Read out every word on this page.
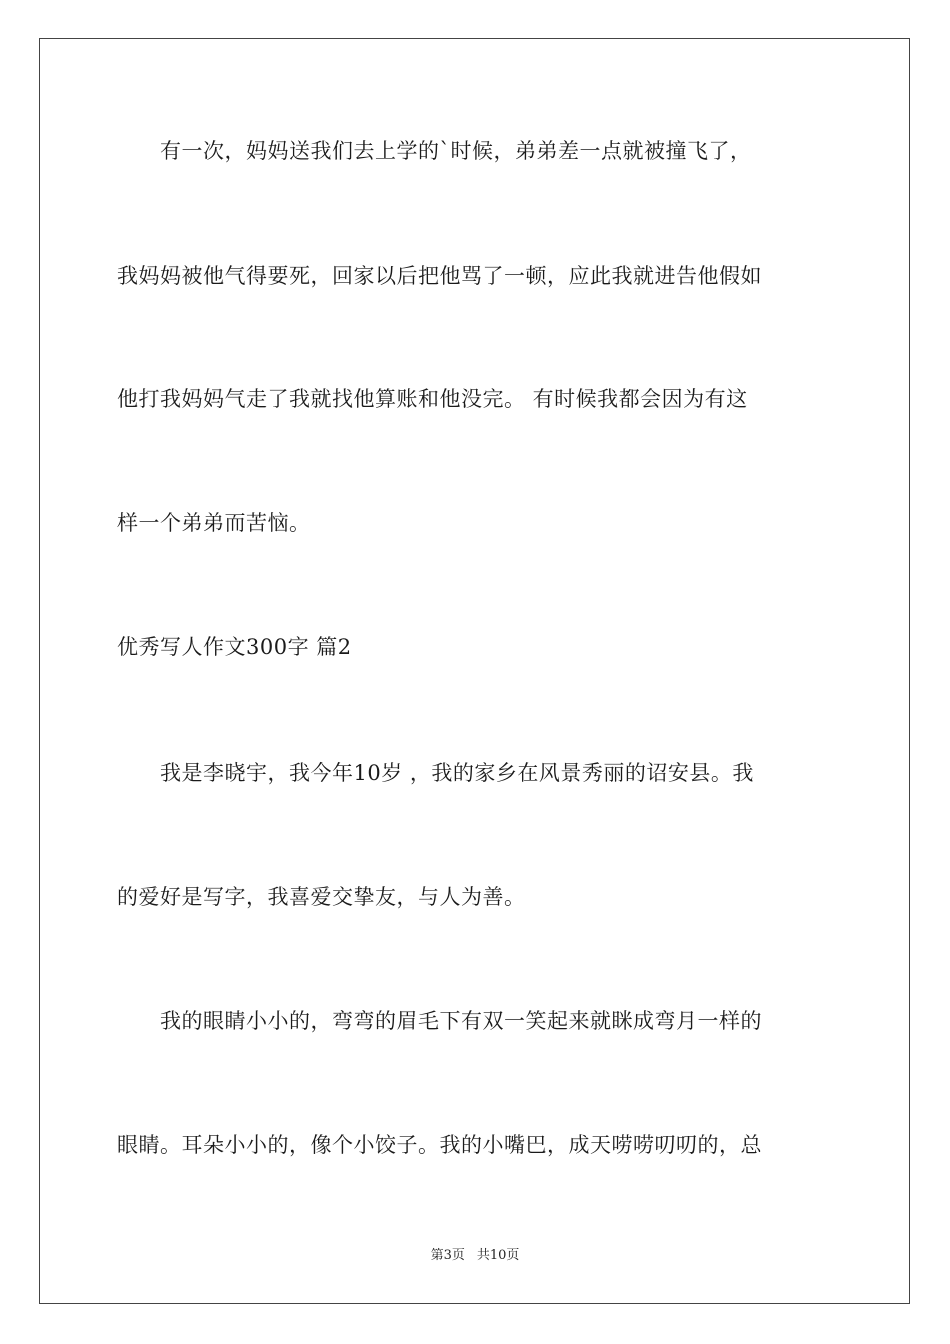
　　有一次，妈妈送我们去上学的`时候，弟弟差一点就被撞飞了，
我妈妈被他气得要死，回家以后把他骂了一顿，应此我就进告他假如
他打我妈妈气走了我就找他算账和他没完。 有时候我都会因为有这
样一个弟弟而苦恼。
优秀写人作文300字 篇2
　　我是李晓宇，我今年10岁 ，我的家乡在风景秀丽的诏安县。我
的爱好是写字，我喜爱交挚友，与人为善。
　　我的眼睛小小的，弯弯的眉毛下有双一笑起来就眯成弯月一样的
眼睛。耳朵小小的，像个小饺子。我的小嘴巴，成天唠唠叨叨的，总
第3页 共10页
